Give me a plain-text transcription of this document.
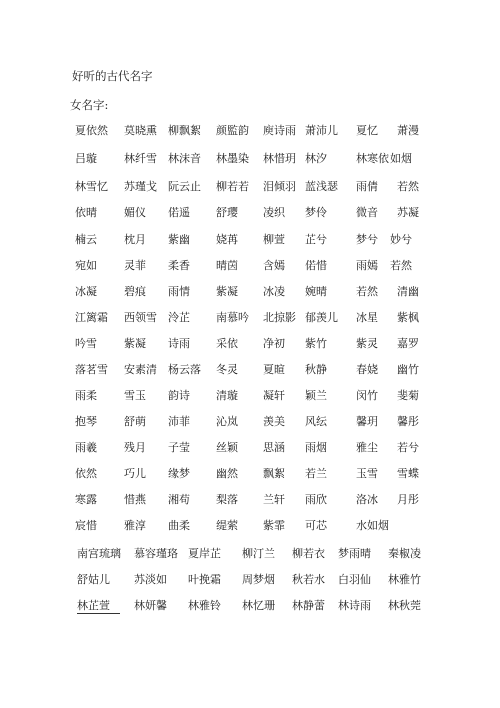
好听的古代名字
女名字:
夏依然 莫晓熏 柳飘絮 颜監韵 庾诗雨 萧沛儿 夏忆 萧漫
吕璇 林纤雪 林沫音 林墨染 林惜玥 林汐	林寒依 如烟
林雪忆 苏瑾戈 阮云止 柳若若 泪倾羽 蓝浅瑟 雨倩 若然
依晴 媚仪 偌遥 舒璎 凌织 梦伶	微音 苏凝
楠云 枕月 紫幽 娆苒 柳萱 芷兮	梦兮 妙兮
宛如 灵菲 柔香 晴茵 含嫣 偌惜	雨嫣 若然
冰凝 碧痕 雨情 紫凝 冰凌 婉晴	若然 清幽
江篱霜 西领雪 泠芷 南慕吟 北掠影 郁羡儿 冰星 紫枫
吟雪 紫凝 诗雨 采依 净初 紫竹	紫灵 嘉罗
落茗雪 安素清 杨云落 冬灵 夏暄 秋静	春娆 幽竹
雨柔 雪玉 韵诗 清璇 凝轩 颖兰	闵竹 斐菊
抱琴 舒萌 沛菲 沁岚 羡美 风纭	馨玥 馨彤
雨羲 残月 子莹 丝颖 思涵 雨烟	雅尘 若兮
依然 巧儿 缘梦 幽然 飘絮 若兰	玉雪 雪蝶
寒露 惜燕 湘苟 梨落 兰轩 雨欣	洛冰 月彤
宸惜 雅淳 曲柔 缇萦 紫霏 可芯	水如烟
南宫琉璃 慕容瑾珞 夏岸芷 柳汀兰 柳若衣 梦雨晴 秦椒凌
舒姑儿 苏淡如 叶挽霜 周梦烟 秋若水 白羽仙 林雅竹
林芷萱	林妍馨 林雅铃 林忆珊 林静蕾 林诗雨 林秋莞
